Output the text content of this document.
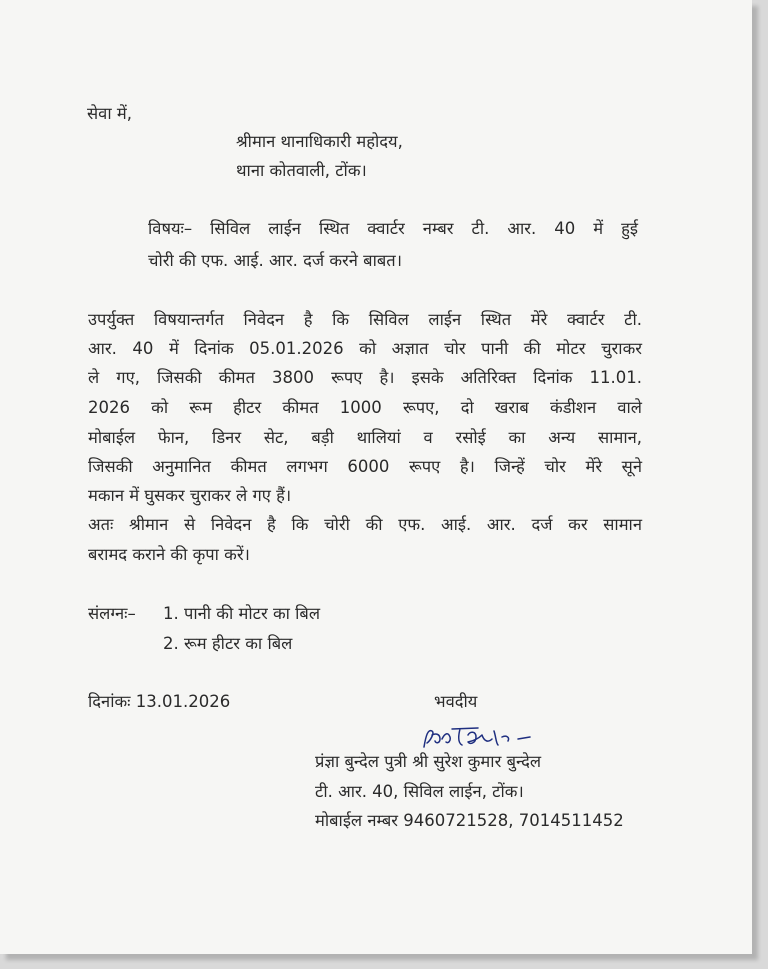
सेवा में,
श्रीमान थानाधिकारी महोदय,
थाना कोतवाली, टोंक।
विषयः– सिविल लाईन स्थित क्वार्टर नम्बर टी. आर. 40 में हुई
चोरी की एफ. आई. आर. दर्ज करने बाबत।
उपर्युक्त विषयान्तर्गत निवेदन है कि सिविल लाईन स्थित मेंरे क्वार्टर टी.
आर. 40 में दिनांक 05.01.2026 को अज्ञात चोर पानी की मोटर चुराकर
ले गए, जिसकी कीमत 3800 रूपए है। इसके अतिरिक्त दिनांक 11.01.
2026 को रूम हीटर कीमत 1000 रूपए, दो खराब कंडीशन वाले
मोबाईल फेान, डिनर सेट, बड़ी थालियां व रसोई का अन्य सामान,
जिसकी अनुमानित कीमत लगभग 6000 रूपए है। जिन्हें चोर मेंरे सूने
मकान में घुसकर चुराकर ले गए हैं।
अतः श्रीमान से निवेदन है कि चोरी की एफ. आई. आर. दर्ज कर सामान
बरामद कराने की कृपा करें।
संलग्नः– 1. पानी की मोटर का बिल
2. रूम हीटर का बिल
दिनांकः 13.01.2026	भवदीय
प्रंज्ञा बुन्देल पुत्री श्री सुरेश कुमार बुन्देल
टी. आर. 40, सिविल लाईन, टोंक।
मोबाईल नम्बर 9460721528, 7014511452
